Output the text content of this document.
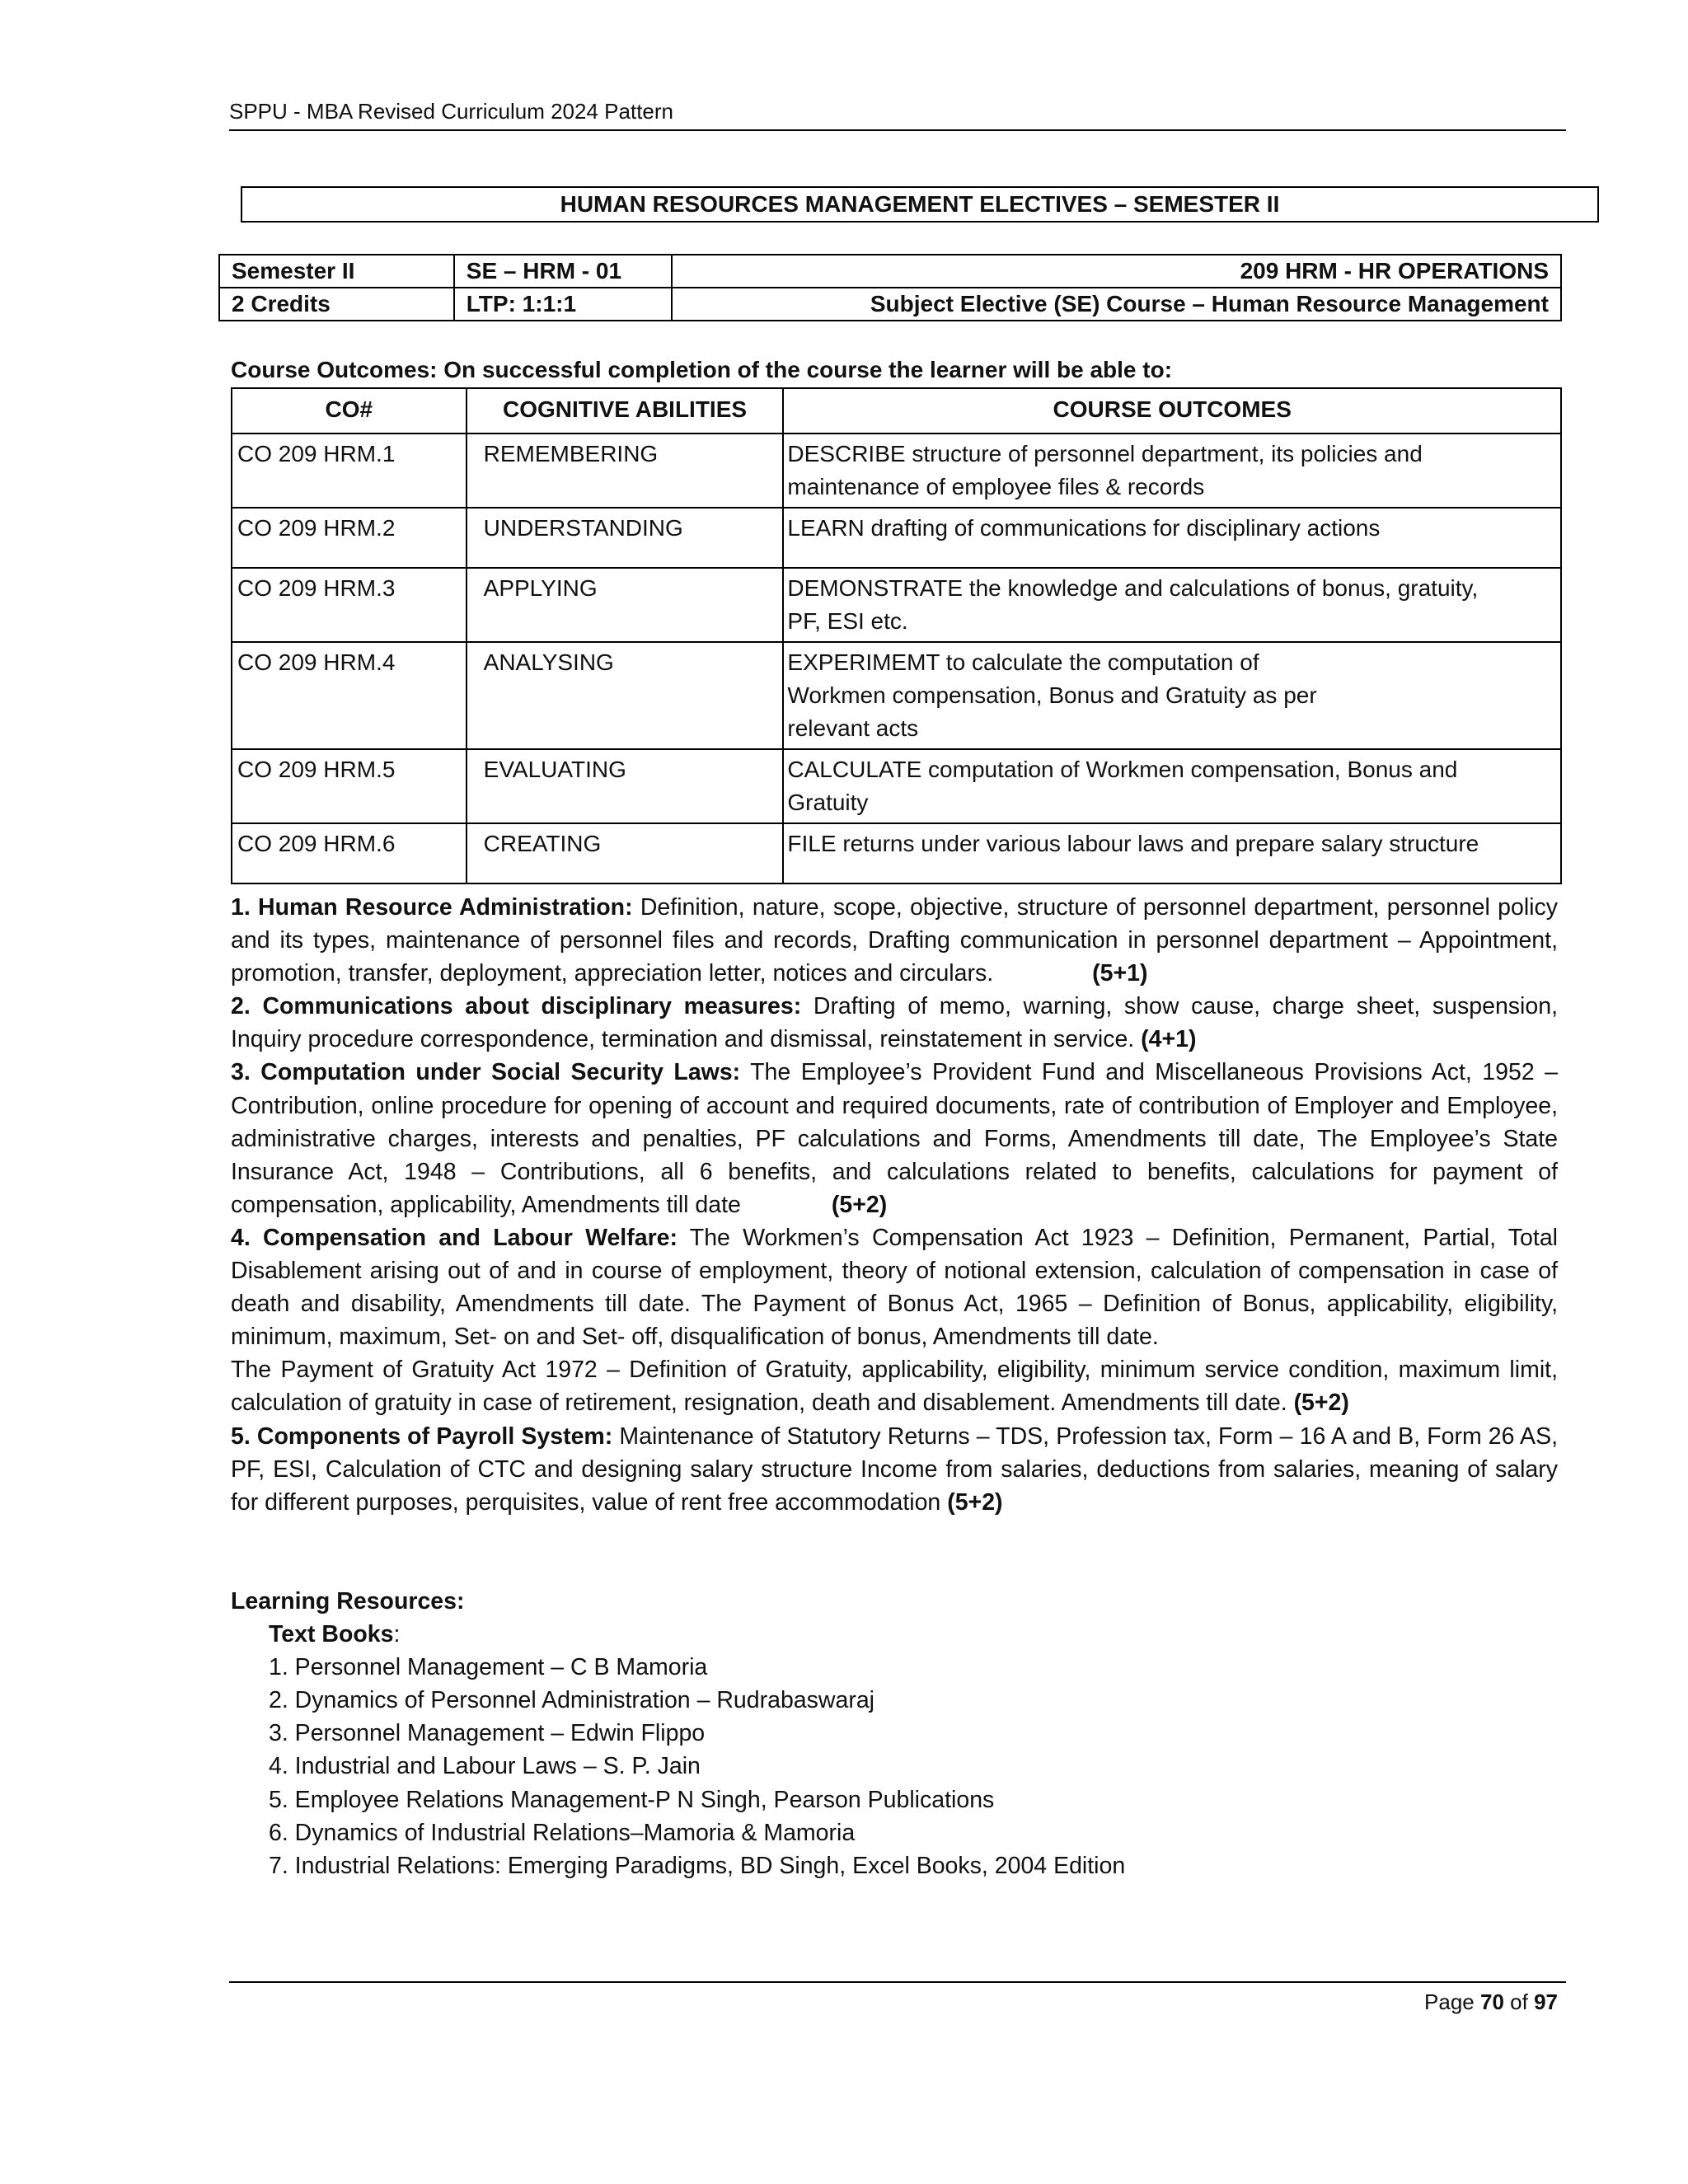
SPPU - MBA Revised Curriculum 2024 Pattern
HUMAN RESOURCES MANAGEMENT ELECTIVES – SEMESTER II
Semester II	SE – HRM - 01	209 HRM - HR OPERATIONS
2 Credits	LTP: 1:1:1	Subject Elective (SE) Course – Human Resource Management
Course Outcomes: On successful completion of the course the learner will be able to:
CO#	COGNITIVE ABILITIES	COURSE OUTCOMES
CO 209 HRM.1	REMEMBERING	DESCRIBE structure of personnel department, its policies and
maintenance of employee files & records

CO 209 HRM.2	UNDERSTANDING	LEARN drafting of communications for disciplinary actions

CO 209 HRM.3	APPLYING	DEMONSTRATE the knowledge and calculations of bonus, gratuity,
PF, ESI etc.

CO 209 HRM.4	ANALYSING	EXPERIMEMT to calculate the computation of
Workmen compensation, Bonus and Gratuity as per
relevant acts

CO 209 HRM.5	EVALUATING	CALCULATE computation of Workmen compensation, Bonus and
Gratuity

CO 209 HRM.6	CREATING	FILE returns under various labour laws and prepare salary structure

1. Human Resource Administration: Definition, nature, scope, objective, structure of personnel department, personnel policy and its types, maintenance of personnel files and records, Drafting communication in personnel department – Appointment, promotion, transfer, deployment, appreciation letter, notices and circulars.	(5+1)

2. Communications about disciplinary measures: Drafting of memo, warning, show cause, charge sheet, suspension, Inquiry procedure correspondence, termination and dismissal, reinstatement in service. (4+1)

3. Computation under Social Security Laws: The Employee’s Provident Fund and Miscellaneous Provisions Act, 1952 – Contribution, online procedure for opening of account and required documents, rate of contribution of Employer and Employee, administrative charges, interests and penalties, PF calculations and Forms, Amendments till date, The Employee’s State Insurance Act, 1948 – Contributions, all 6 benefits, and calculations related to benefits, calculations for payment of compensation, applicability, Amendments till date	(5+2)

4. Compensation and Labour Welfare: The Workmen’s Compensation Act 1923 – Definition, Permanent, Partial, Total Disablement arising out of and in course of employment, theory of notional extension, calculation of compensation in case of death and disability, Amendments till date. The Payment of Bonus Act, 1965 – Definition of Bonus, applicability, eligibility, minimum, maximum, Set- on and Set- off, disqualification of bonus, Amendments till date.

The Payment of Gratuity Act 1972 – Definition of Gratuity, applicability, eligibility, minimum service condition, maximum limit, calculation of gratuity in case of retirement, resignation, death and disablement. Amendments till date. (5+2)

5. Components of Payroll System: Maintenance of Statutory Returns – TDS, Profession tax, Form – 16 A and B, Form 26 AS, PF, ESI, Calculation of CTC and designing salary structure Income from salaries, deductions from salaries, meaning of salary for different purposes, perquisites, value of rent free accommodation (5+2)

Learning Resources:
Text Books:
1. Personnel Management – C B Mamoria
2. Dynamics of Personnel Administration – Rudrabaswaraj
3. Personnel Management – Edwin Flippo
4. Industrial and Labour Laws – S. P. Jain
5. Employee Relations Management-P N Singh, Pearson Publications
6. Dynamics of Industrial Relations–Mamoria & Mamoria
7. Industrial Relations: Emerging Paradigms, BD Singh, Excel Books, 2004 Edition
Page 70 of 97
